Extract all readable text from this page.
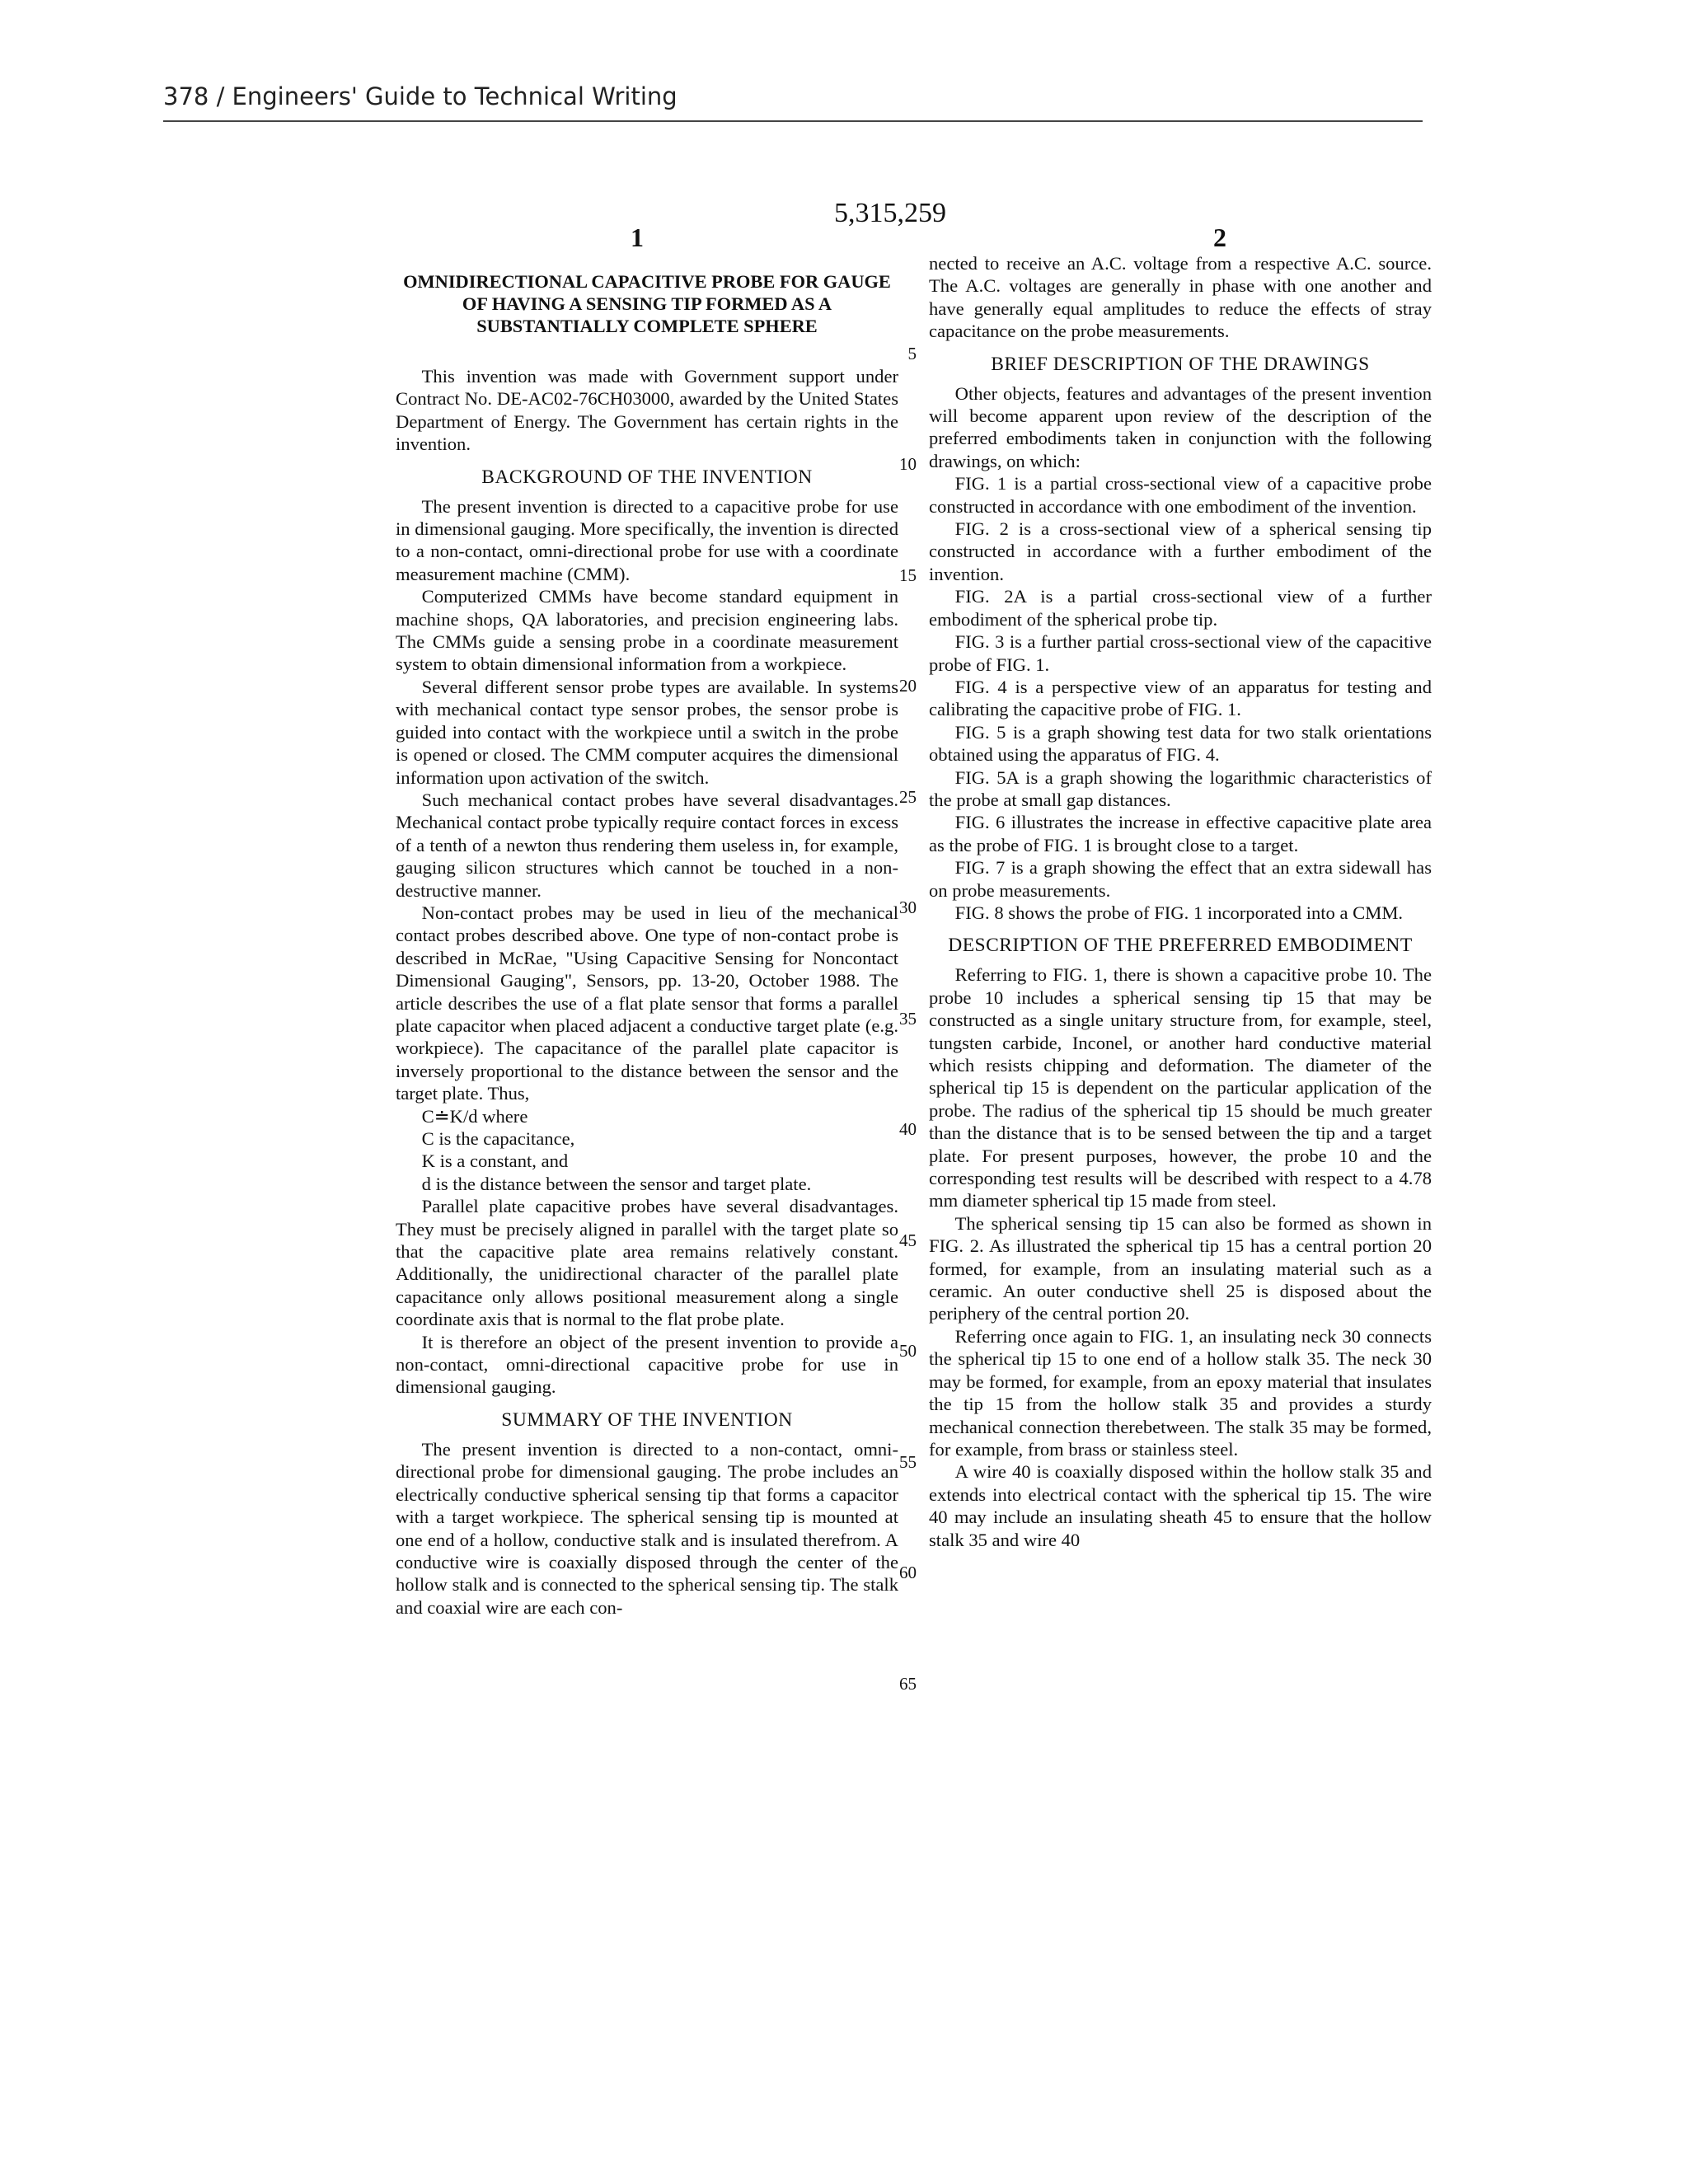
378 / Engineers' Guide to Technical Writing
5,315,259
1	2

OMNIDIRECTIONAL CAPACITIVE PROBE FOR GAUGE OF HAVING A SENSING TIP FORMED AS A SUBSTANTIALLY COMPLETE SPHERE

This invention was made with Government support under Contract No. DE-AC02-76CH03000, awarded by the United States Department of Energy. The Government has certain rights in the invention.

BACKGROUND OF THE INVENTION

The present invention is directed to a capacitive probe for use in dimensional gauging. More specifically, the invention is directed to a non-contact, omni-directional probe for use with a coordinate measurement machine (CMM).

Computerized CMMs have become standard equipment in machine shops, QA laboratories, and precision engineering labs. The CMMs guide a sensing probe in a coordinate measurement system to obtain dimensional information from a workpiece.

Several different sensor probe types are available. In systems with mechanical contact type sensor probes, the sensor probe is guided into contact with the workpiece until a switch in the probe is opened or closed. The CMM computer acquires the dimensional information upon activation of the switch.

Such mechanical contact probes have several disadvantages. Mechanical contact probe typically require contact forces in excess of a tenth of a newton thus rendering them useless in, for example, gauging silicon structures which cannot be touched in a non-destructive manner.

Non-contact probes may be used in lieu of the mechanical contact probes described above. One type of non-contact probe is described in McRae, "Using Capacitive Sensing for Noncontact Dimensional Gauging", Sensors, pp. 13-20, October 1988. The article describes the use of a flat plate sensor that forms a parallel plate capacitor when placed adjacent a conductive target plate (e.g. workpiece). The capacitance of the parallel plate capacitor is inversely proportional to the distance between the sensor and the target plate. Thus,

C≐K/d where

C is the capacitance,

K is a constant, and

d is the distance between the sensor and target plate.

Parallel plate capacitive probes have several disadvantages. They must be precisely aligned in parallel with the target plate so that the capacitive plate area remains relatively constant. Additionally, the unidirectional character of the parallel plate capacitance only allows positional measurement along a single coordinate axis that is normal to the flat probe plate.

It is therefore an object of the present invention to provide a non-contact, omni-directional capacitive probe for use in dimensional gauging.

SUMMARY OF THE INVENTION

The present invention is directed to a non-contact, omni-directional probe for dimensional gauging. The probe includes an electrically conductive spherical sensing tip that forms a capacitor with a target workpiece. The spherical sensing tip is mounted at one end of a hollow, conductive stalk and is insulated therefrom. A conductive wire is coaxially disposed through the center of the hollow stalk and is connected to the spherical sensing tip. The stalk and coaxial wire are each con-

5
10
15
20
25
30
35
40
45
50
55
60
65

nected to receive an A.C. voltage from a respective A.C. source. The A.C. voltages are generally in phase with one another and have generally equal amplitudes to reduce the effects of stray capacitance on the probe measurements.

BRIEF DESCRIPTION OF THE DRAWINGS

Other objects, features and advantages of the present invention will become apparent upon review of the description of the preferred embodiments taken in conjunction with the following drawings, on which:

FIG. 1 is a partial cross-sectional view of a capacitive probe constructed in accordance with one embodiment of the invention.

FIG. 2 is a cross-sectional view of a spherical sensing tip constructed in accordance with a further embodiment of the invention.

FIG. 2A is a partial cross-sectional view of a further embodiment of the spherical probe tip.

FIG. 3 is a further partial cross-sectional view of the capacitive probe of FIG. 1.

FIG. 4 is a perspective view of an apparatus for testing and calibrating the capacitive probe of FIG. 1.

FIG. 5 is a graph showing test data for two stalk orientations obtained using the apparatus of FIG. 4.

FIG. 5A is a graph showing the logarithmic characteristics of the probe at small gap distances.

FIG. 6 illustrates the increase in effective capacitive plate area as the probe of FIG. 1 is brought close to a target.

FIG. 7 is a graph showing the effect that an extra sidewall has on probe measurements.

FIG. 8 shows the probe of FIG. 1 incorporated into a CMM.

DESCRIPTION OF THE PREFERRED EMBODIMENT

Referring to FIG. 1, there is shown a capacitive probe 10. The probe 10 includes a spherical sensing tip 15 that may be constructed as a single unitary structure from, for example, steel, tungsten carbide, Inconel, or another hard conductive material which resists chipping and deformation. The diameter of the spherical tip 15 is dependent on the particular application of the probe. The radius of the spherical tip 15 should be much greater than the distance that is to be sensed between the tip and a target plate. For present purposes, however, the probe 10 and the corresponding test results will be described with respect to a 4.78 mm diameter spherical tip 15 made from steel.

The spherical sensing tip 15 can also be formed as shown in FIG. 2. As illustrated the spherical tip 15 has a central portion 20 formed, for example, from an insulating material such as a ceramic. An outer conductive shell 25 is disposed about the periphery of the central portion 20.

Referring once again to FIG. 1, an insulating neck 30 connects the spherical tip 15 to one end of a hollow stalk 35. The neck 30 may be formed, for example, from an epoxy material that insulates the tip 15 from the hollow stalk 35 and provides a sturdy mechanical connection therebetween. The stalk 35 may be formed, for example, from brass or stainless steel.

A wire 40 is coaxially disposed within the hollow stalk 35 and extends into electrical contact with the spherical tip 15. The wire 40 may include an insulating sheath 45 to ensure that the hollow stalk 35 and wire 40
